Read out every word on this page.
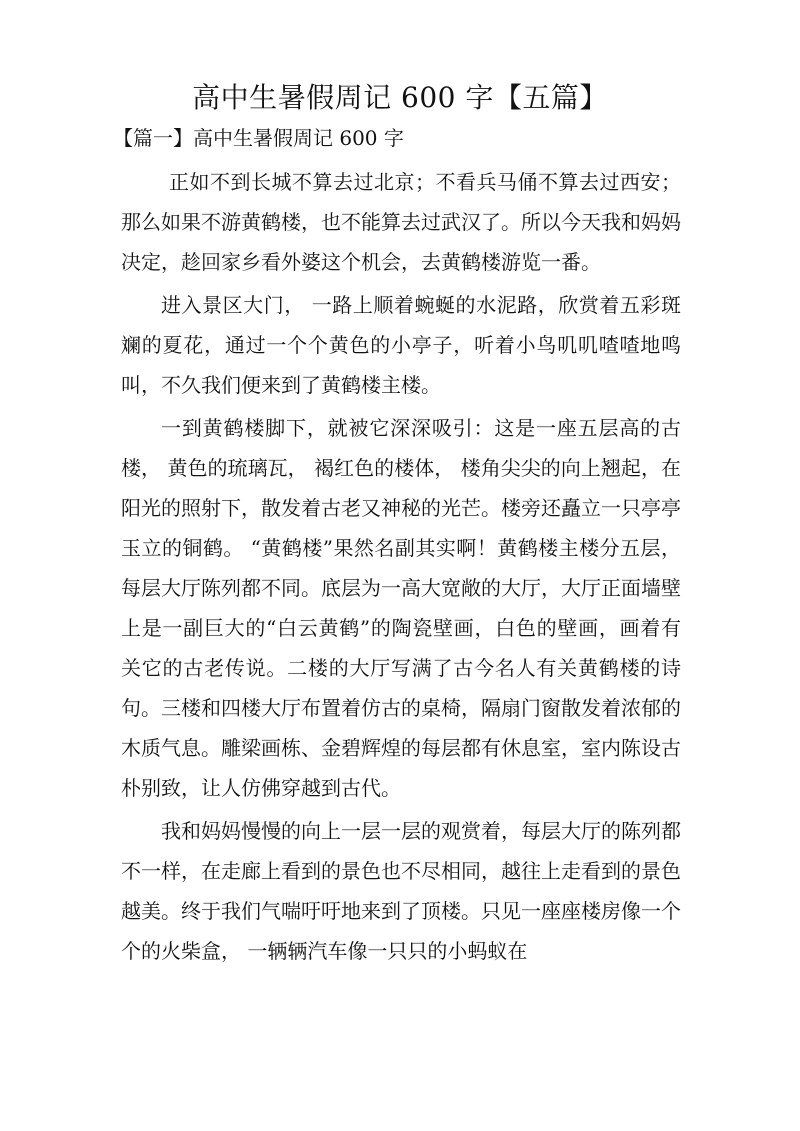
高中生暑假周记 600 字【五篇】
【篇一】高中生暑假周记 600 字

正如不到长城不算去过北京；不看兵马俑不算去过西安；那么如果不游黄鹤楼，也不能算去过武汉了。所以今天我和妈妈决定，趁回家乡看外婆这个机会，去黄鹤楼游览一番。

进入景区大门， 一路上顺着蜿蜒的水泥路，欣赏着五彩斑斓的夏花，通过一个个黄色的小亭子，听着小鸟叽叽喳喳地鸣叫，不久我们便来到了黄鹤楼主楼。

一到黄鹤楼脚下，就被它深深吸引：这是一座五层高的古楼， 黄色的琉璃瓦， 褐红色的楼体， 楼角尖尖的向上翘起，在阳光的照射下，散发着古老又神秘的光芒。楼旁还矗立一只亭亭玉立的铜鹤。 “黄鹤楼”果然名副其实啊！黄鹤楼主楼分五层， 每层大厅陈列都不同。底层为一高大宽敞的大厅，大厅正面墙壁上是一副巨大的“白云黄鹤”的陶瓷壁画，白色的壁画，画着有关它的古老传说。二楼的大厅写满了古今名人有关黄鹤楼的诗句。三楼和四楼大厅布置着仿古的桌椅，隔扇门窗散发着浓郁的木质气息。雕梁画栋、金碧辉煌的每层都有休息室，室内陈设古朴别致，让人仿佛穿越到古代。

我和妈妈慢慢的向上一层一层的观赏着，每层大厅的陈列都不一样，在走廊上看到的景色也不尽相同，越往上走看到的景色越美。终于我们气喘吁吁地来到了顶楼。只见一座座楼房像一个个的火柴盒， 一辆辆汽车像一只只的小蚂蚁在
